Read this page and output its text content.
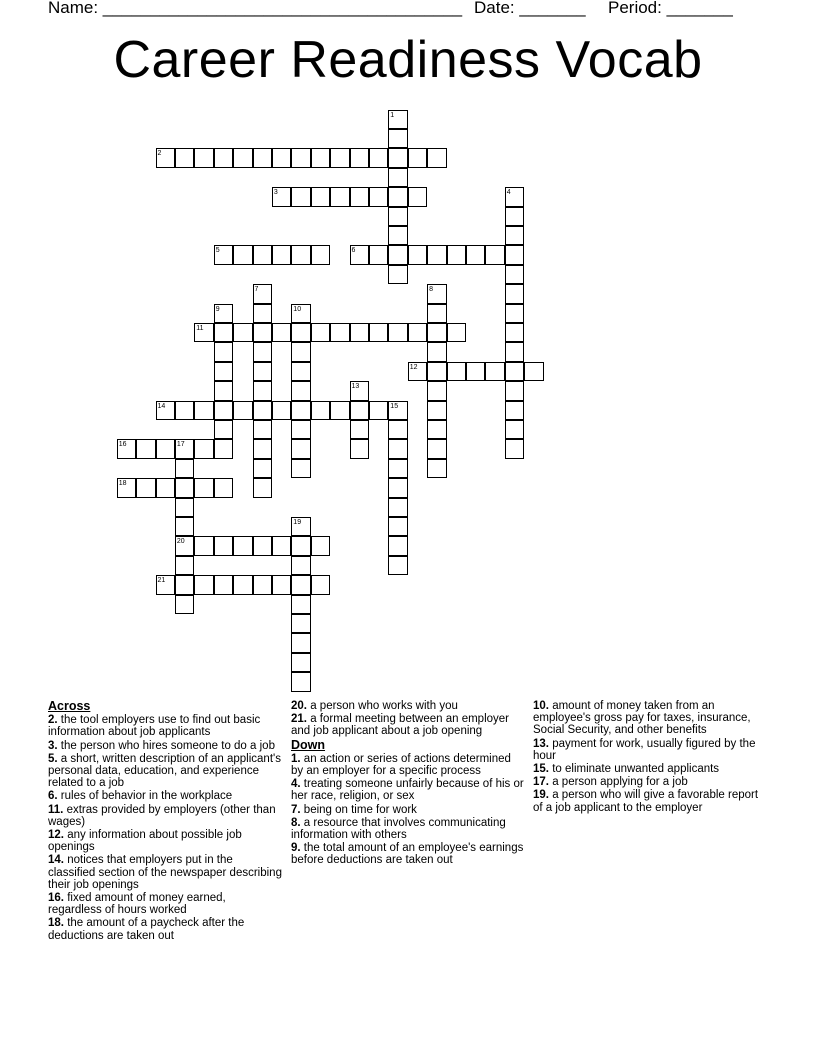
Name: ______________________________________ Date: _______ Period: _______
Career Readiness Vocab
1
2
3	4
5	6
7	8
9	10
11
12
13
14	15
16	17
20
18
19
21
Across
2. the tool employers use to find out basic information about job applicants
3. the person who hires someone to do a job
5. a short, written description of an applicant's personal data, education, and experience related to a job
6. rules of behavior in the workplace
11. extras provided by employers (other than wages)
12. any information about possible job openings
14. notices that employers put in the classified section of the newspaper describing their job openings
16. fixed amount of money earned, regardless of hours worked
18. the amount of a paycheck after the deductions are taken out
20. a person who works with you
21. a formal meeting between an employer and job applicant about a job opening
Down
1. an action or series of actions determined by an employer for a specific process
4. treating someone unfairly because of his or her race, religion, or sex
7. being on time for work
8. a resource that involves communicating information with others
9. the total amount of an employee's earnings before deductions are taken out
10. amount of money taken from an employee's gross pay for taxes, insurance, Social Security, and other benefits
13. payment for work, usually figured by the hour
15. to eliminate unwanted applicants
17. a person applying for a job
19. a person who will give a favorable report of a job applicant to the employer
